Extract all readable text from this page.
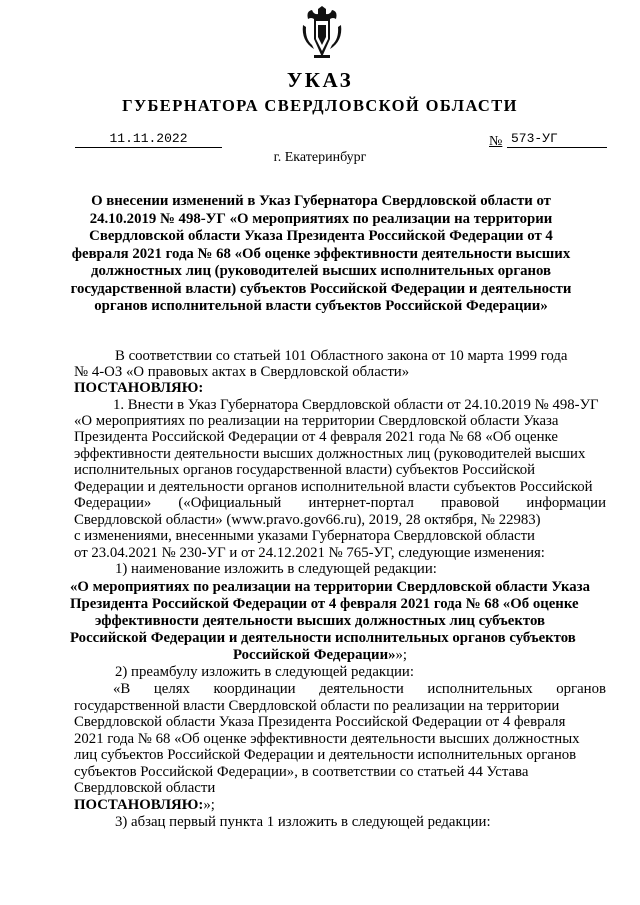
УКАЗ
ГУБЕРНАТОРА СВЕРДЛОВСКОЙ ОБЛАСТИ
11.11.2022	№ 573-УГ
г. Екатеринбург
О внесении изменений в Указ Губернатора Свердловской области от 24.10.2019 № 498-УГ «О мероприятиях по реализации на территории Свердловской области Указа Президента Российской Федерации от 4 февраля 2021 года № 68 «Об оценке эффективности деятельности высших должностных лиц (руководителей высших исполнительных органов государственной власти) субъектов Российской Федерации и деятельности органов исполнительной власти субъектов Российской Федерации»
В соответствии со статьей 101 Областного закона от 10 марта 1999 года
№ 4-ОЗ «О правовых актах в Свердловской области»
ПОСТАНОВЛЯЮ:
1. Внести в Указ Губернатора Свердловской области от 24.10.2019 № 498-УГ
«О мероприятиях по реализации на территории Свердловской области Указа
Президента Российской Федерации от 4 февраля 2021 года № 68 «Об оценке
эффективности деятельности высших должностных лиц (руководителей высших
исполнительных органов государственной власти) субъектов Российской
Федерации и деятельности органов исполнительной власти субъектов Российской
Федерации» («Официальный интернет-портал правовой информации
Свердловской области» (www.pravo.gov66.ru), 2019, 28 октября, № 22983)
с изменениями, внесенными указами Губернатора Свердловской области
от 23.04.2021 № 230-УГ и от 24.12.2021 № 765-УГ, следующие изменения:
1) наименование изложить в следующей редакции:
«О мероприятиях по реализации на территории Свердловской области Указа
Президента Российской Федерации от 4 февраля 2021 года № 68 «Об оценке
эффективности деятельности высших должностных лиц субъектов
Российской Федерации и деятельности исполнительных органов субъектов
Российской Федерации»»;
2) преамбулу изложить в следующей редакции:
«В целях координации деятельности исполнительных органов
государственной власти Свердловской области по реализации на территории
Свердловской области Указа Президента Российской Федерации от 4 февраля
2021 года № 68 «Об оценке эффективности деятельности высших должностных
лиц субъектов Российской Федерации и деятельности исполнительных органов
субъектов Российской Федерации», в соответствии со статьей 44 Устава
Свердловской области
ПОСТАНОВЛЯЮ:»;
3) абзац первый пункта 1 изложить в следующей редакции:
